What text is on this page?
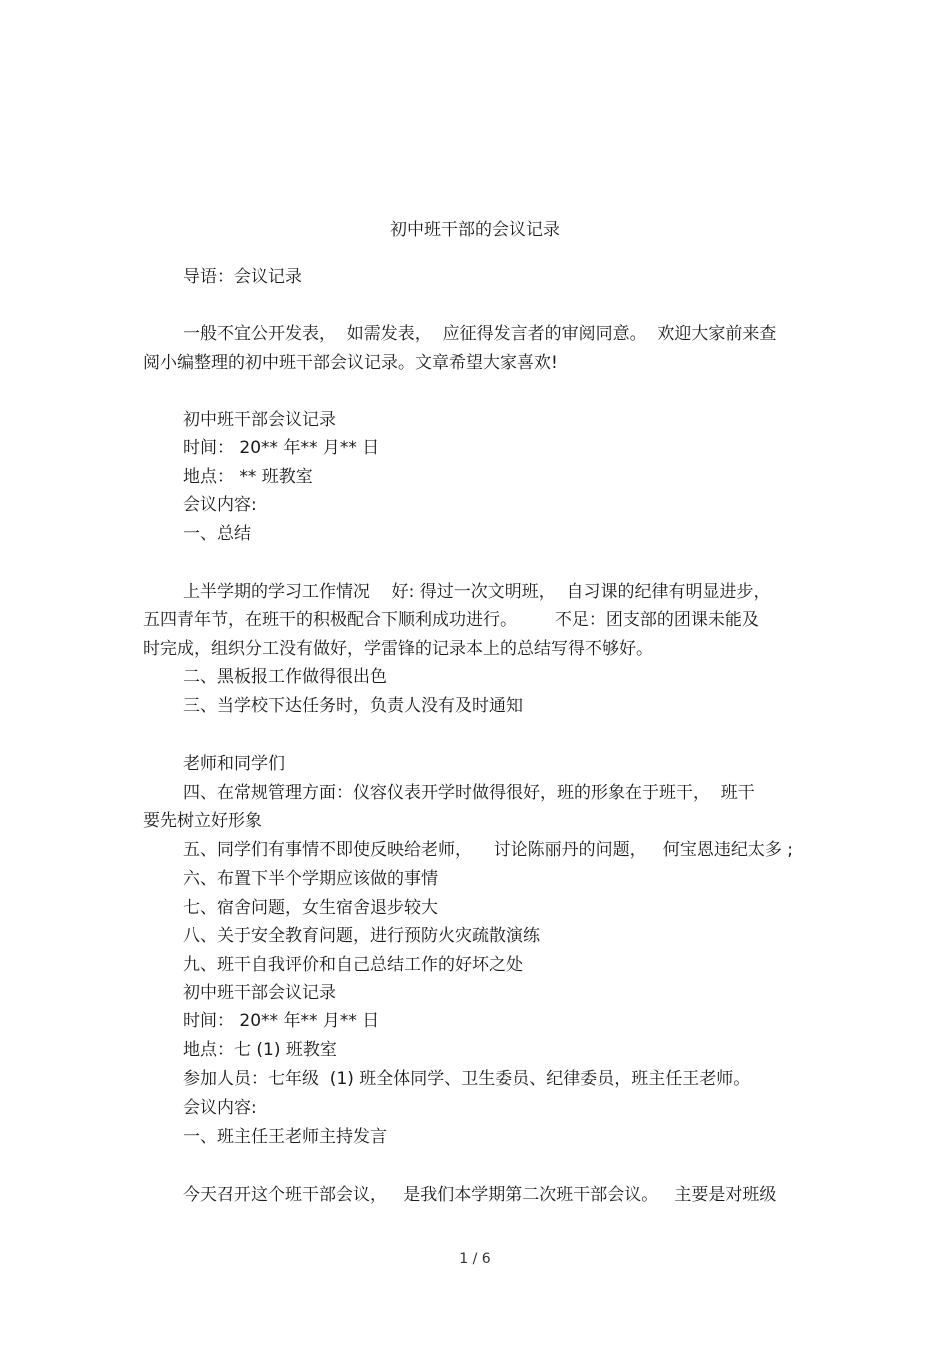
初中班干部的会议记录
导语：会议记录
一般不宜公开发表，  如需发表，  应征得发言者的审阅同意。  欢迎大家前来查
阅小编整理的初中班干部会议记录。文章希望大家喜欢!
初中班干部会议记录
时间： 20** 年** 月** 日
地点： ** 班教室
会议内容:
一、总结
上半学期的学习工作情况    好: 得过一次文明班，  自习课的纪律有明显进步，
五四青年节，在班干的积极配合下顺利成功进行。       不足：团支部的团课未能及
时完成，组织分工没有做好，学雷锋的记录本上的总结写得不够好。
二、黑板报工作做得很出色
三、当学校下达任务时，负责人没有及时通知
老师和同学们
四、在常规管理方面：仪容仪表开学时做得很好，班的形象在于班干，  班干
要先树立好形象
五、同学们有事情不即使反映给老师，    讨论陈丽丹的问题，   何宝恩违纪太多 ;
六、布置下半个学期应该做的事情
七、宿舍问题，女生宿舍退步较大
八、关于安全教育问题，进行预防火灾疏散演练
九、班干自我评价和自己总结工作的好坏之处
初中班干部会议记录
时间： 20** 年** 月** 日
地点：七 (1) 班教室
参加人员：七年级  (1) 班全体同学、卫生委员、纪律委员，班主任王老师。
会议内容:
一、班主任王老师主持发言
今天召开这个班干部会议，   是我们本学期第二次班干部会议。   主要是对班级
1 / 6
